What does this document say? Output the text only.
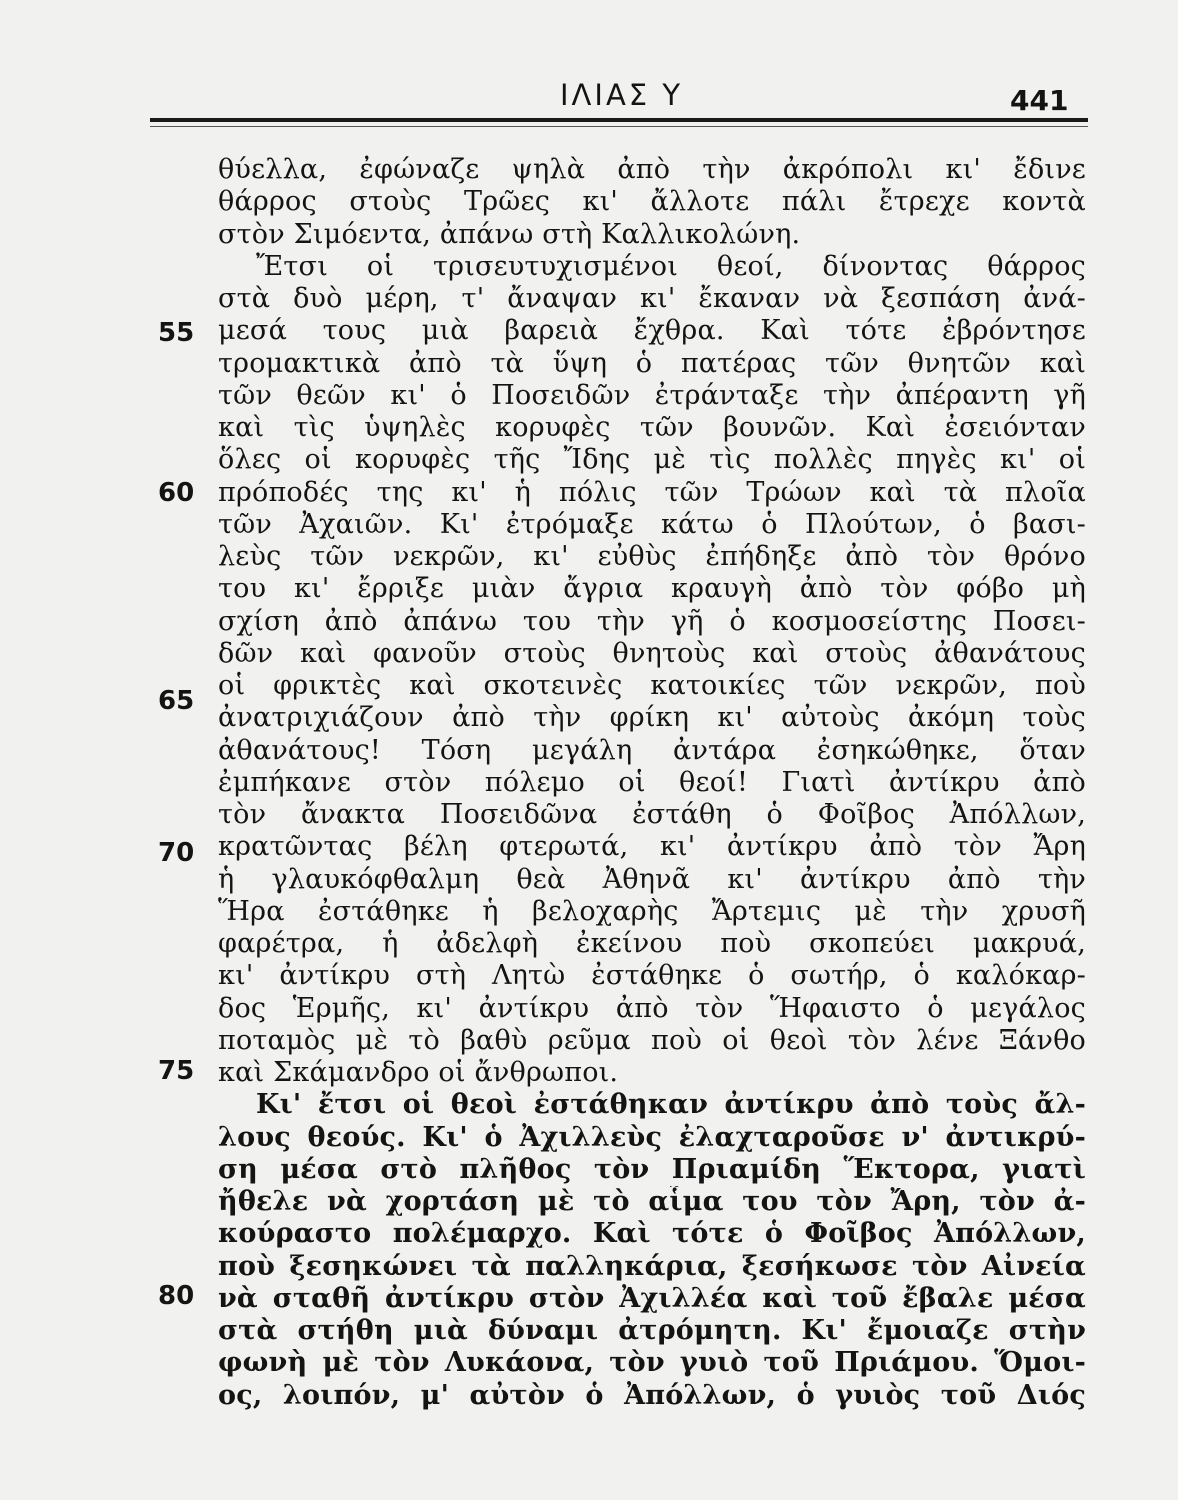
ΙΛΙΑΣ Υ	441
55
60
65
70
75
80
θύελλα, ἐφώναζε ψηλὰ ἀπὸ τὴν ἀκρόπολι κι' ἔδινε
θάρρος στοὺς Τρῶες κι' ἄλλοτε πάλι ἔτρεχε κοντὰ
στὸν Σιμόεντα, ἀπάνω στὴ Καλλικολώνη.
Ἔτσι οἱ τρισευτυχισμένοι θεοί, δίνοντας θάρρος
στὰ δυὸ μέρη, τ' ἄναψαν κι' ἔκαναν νὰ ξεσπάση ἀνά-
μεσά τους μιὰ βαρειὰ ἔχθρα. Καὶ τότε ἐβρόντησε
τρομακτικὰ ἀπὸ τὰ ὕψη ὁ πατέρας τῶν θνητῶν καὶ
τῶν θεῶν κι' ὁ Ποσειδῶν ἐτράνταξε τὴν ἀπέραντη γῆ
καὶ τὶς ὑψηλὲς κορυφὲς τῶν βουνῶν. Καὶ ἐσειόνταν
ὅλες οἱ κορυφὲς τῆς Ἴδης μὲ τὶς πολλὲς πηγὲς κι' οἱ
πρόποδές της κι' ἡ πόλις τῶν Τρώων καὶ τὰ πλοῖα
τῶν Ἀχαιῶν. Κι' ἐτρόμαξε κάτω ὁ Πλούτων, ὁ βασι-
λεὺς τῶν νεκρῶν, κι' εὐθὺς ἐπήδηξε ἀπὸ τὸν θρόνο
του κι' ἔρριξε μιὰν ἄγρια κραυγὴ ἀπὸ τὸν φόβο μὴ
σχίση ἀπὸ ἀπάνω του τὴν γῆ ὁ κοσμοσείστης Ποσει-
δῶν καὶ φανοῦν στοὺς θνητοὺς καὶ στοὺς ἀθανάτους
οἱ φρικτὲς καὶ σκοτεινὲς κατοικίες τῶν νεκρῶν, ποὺ
ἀνατριχιάζουν ἀπὸ τὴν φρίκη κι' αὐτοὺς ἀκόμη τοὺς
ἀθανάτους! Τόση μεγάλη ἀντάρα ἐσηκώθηκε, ὅταν
ἐμπήκανε στὸν πόλεμο οἱ θεοί! Γιατὶ ἀντίκρυ ἀπὸ
τὸν ἄνακτα Ποσειδῶνα ἐστάθη ὁ Φοῖβος Ἀπόλλων,
κρατῶντας βέλη φτερωτά, κι' ἀντίκρυ ἀπὸ τὸν Ἄρη
ἡ γλαυκόφθαλμη θεὰ Ἀθηνᾶ κι' ἀντίκρυ ἀπὸ τὴν
Ἥρα ἐστάθηκε ἡ βελοχαρὴς Ἄρτεμις μὲ τὴν χρυσῆ
φαρέτρα, ἡ ἀδελφὴ ἐκείνου ποὺ σκοπεύει μακρυά,
κι' ἀντίκρυ στὴ Λητὼ ἐστάθηκε ὁ σωτήρ, ὁ καλόκαρ-
δος Ἑρμῆς, κι' ἀντίκρυ ἀπὸ τὸν Ἥφαιστο ὁ μεγάλος
ποταμὸς μὲ τὸ βαθὺ ρεῦμα ποὺ οἱ θεοὶ τὸν λένε Ξάνθο
καὶ Σκάμανδρο οἱ ἄνθρωποι.
Κι' ἔτσι οἱ θεοὶ ἐστάθηκαν ἀντίκρυ ἀπὸ τοὺς ἄλ-
λους θεούς. Κι' ὁ Ἀχιλλεὺς ἐλαχταροῦσε ν' ἀντικρύ-
ση μέσα στὸ πλῆθος τὸν Πριαμίδη Ἕκτορα, γιατὶ
ἤθελε νὰ χορτάση μὲ τὸ αἷμα του τὸν Ἄρη, τὸν ἀ-
κούραστο πολέμαρχο. Καὶ τότε ὁ Φοῖβος Ἀπόλλων,
ποὺ ξεσηκώνει τὰ παλληκάρια, ξεσήκωσε τὸν Αἰνεία
νὰ σταθῆ ἀντίκρυ στὸν Ἀχιλλέα καὶ τοῦ ἔβαλε μέσα
στὰ στήθη μιὰ δύναμι ἀτρόμητη. Κι' ἔμοιαζε στὴν
φωνὴ μὲ τὸν Λυκάονα, τὸν γυιὸ τοῦ Πριάμου. Ὅμοι-
ος, λοιπόν, μ' αὐτὸν ὁ Ἀπόλλων, ὁ γυιὸς τοῦ Διός
